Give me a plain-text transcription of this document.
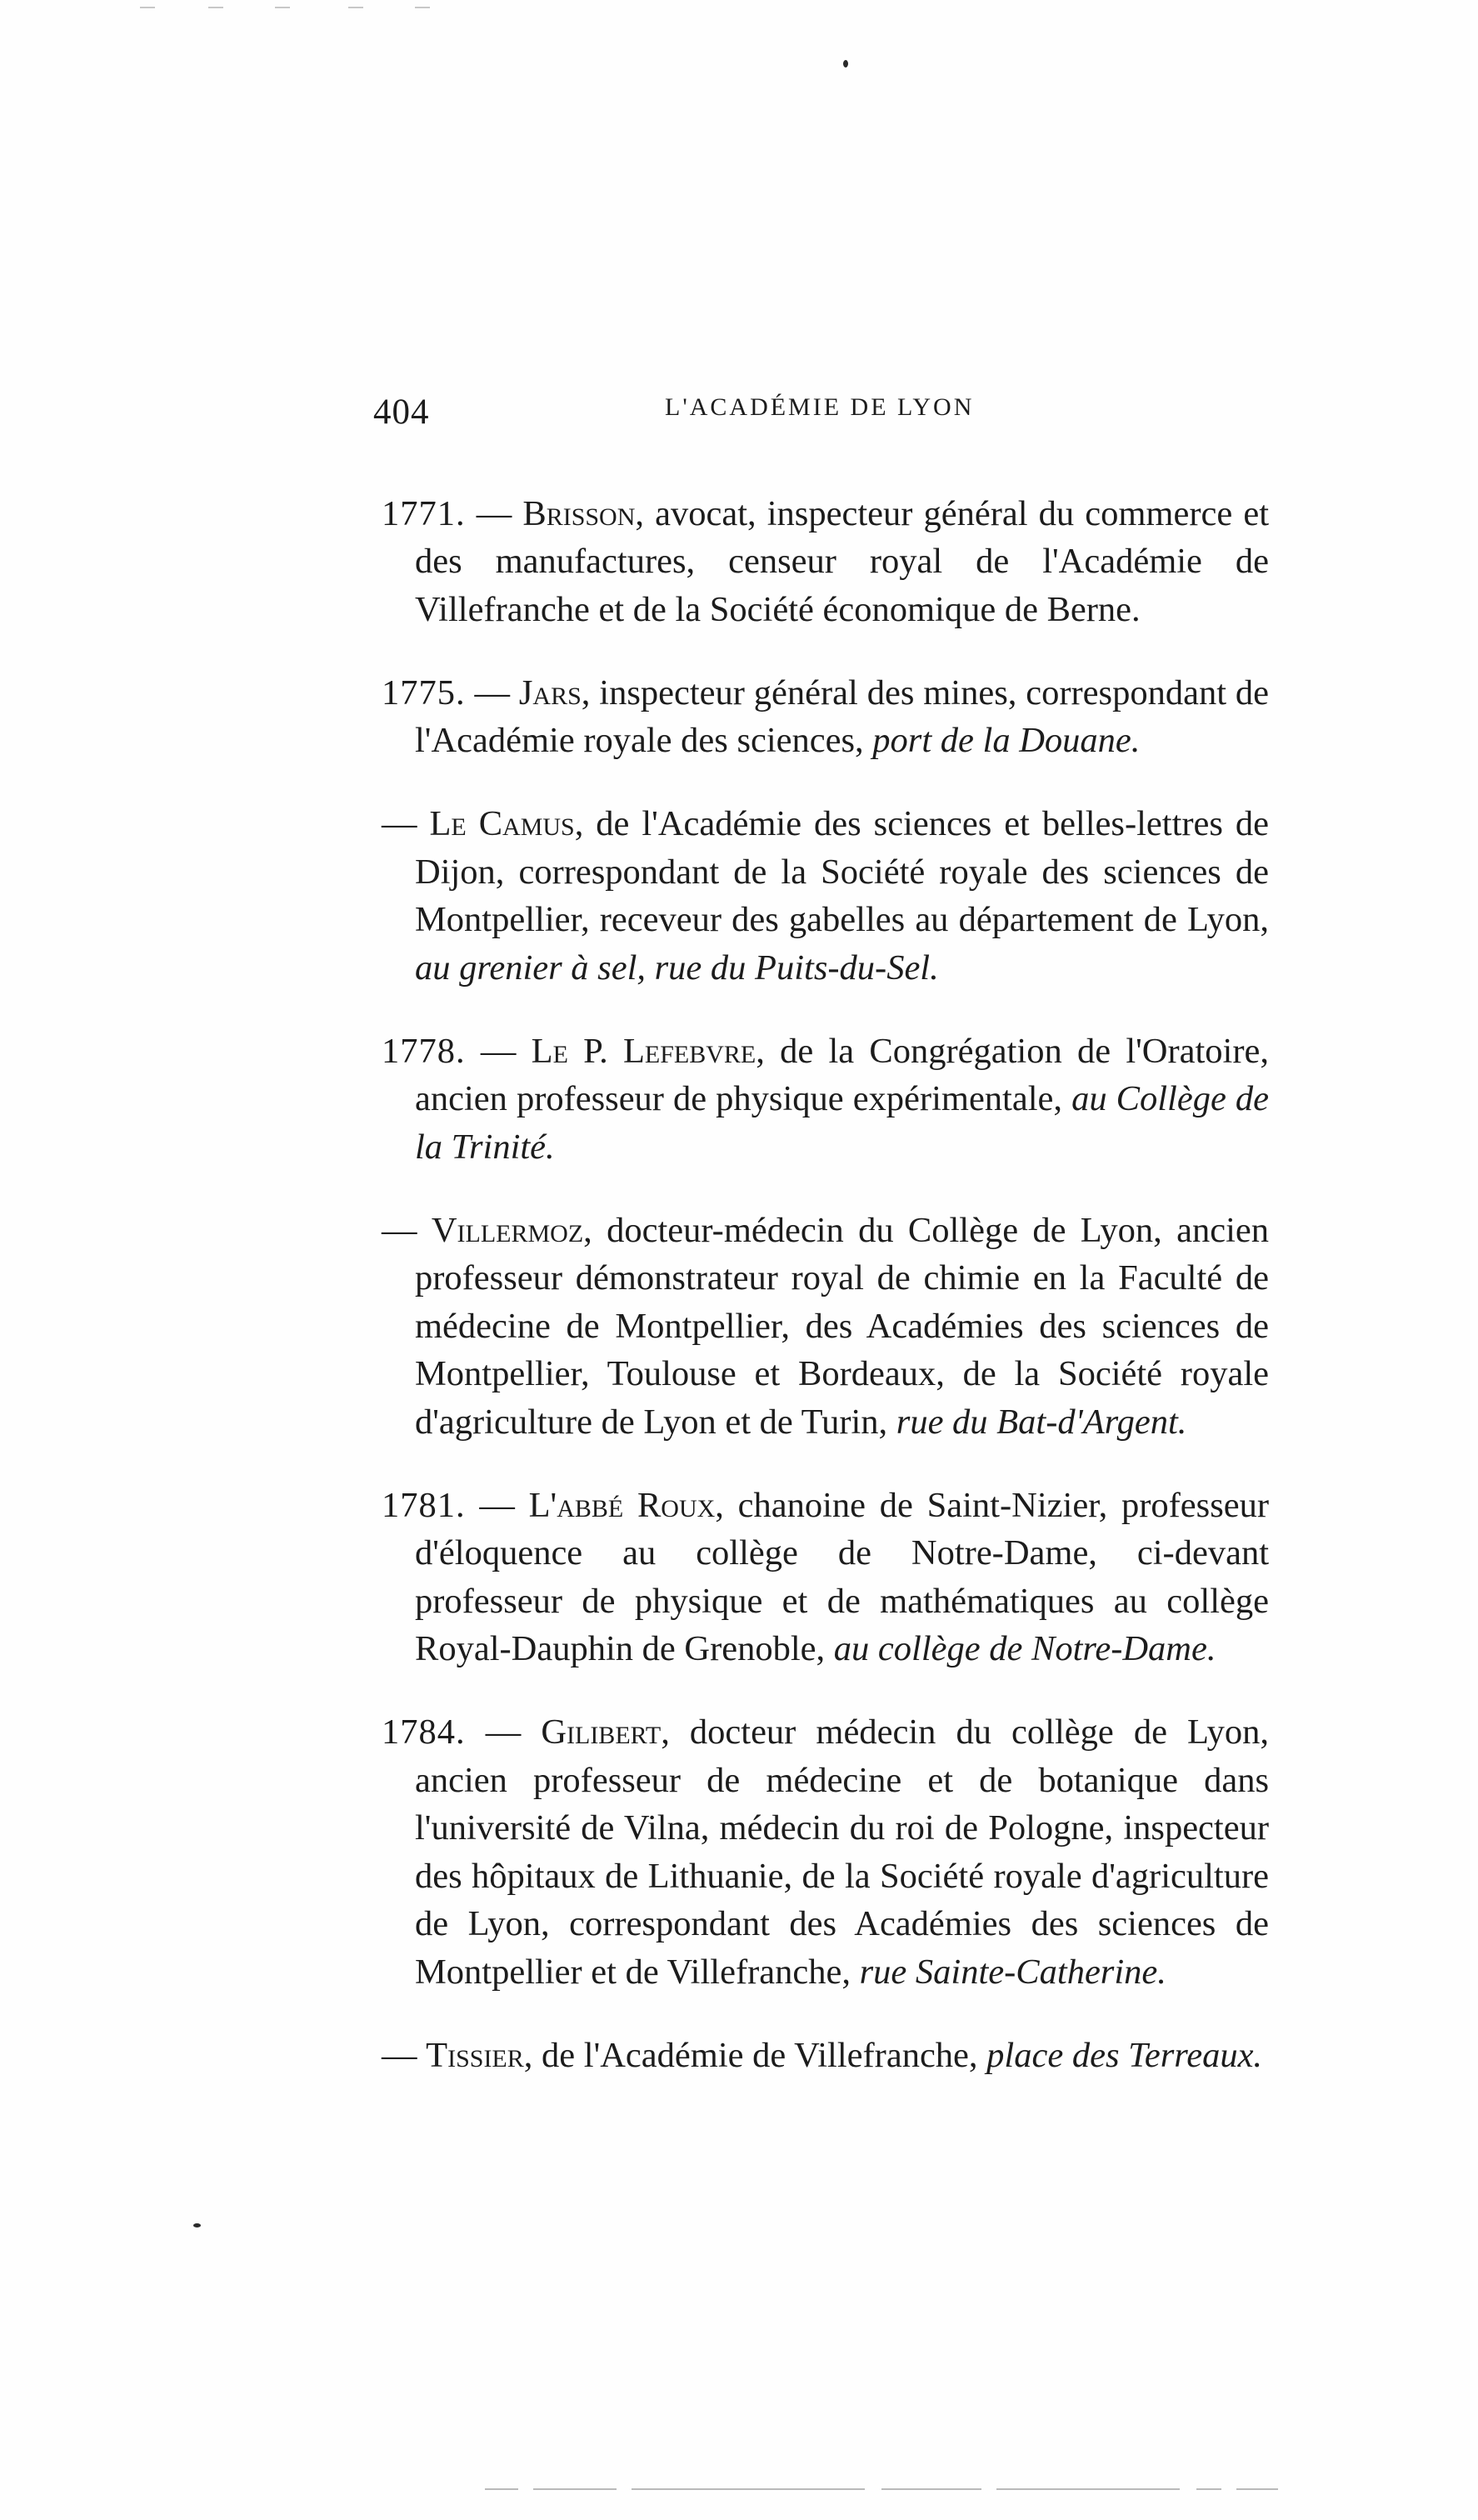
404	L'ACADÉMIE DE LYON

1771. — Brisson, avocat, inspecteur général du commerce et des manufactures, censeur royal de l'Académie de Villefranche et de la Société économique de Berne.

1775. — Jars, inspecteur général des mines, correspondant de l'Académie royale des sciences, port de la Douane.

— Le Camus, de l'Académie des sciences et belles-lettres de Dijon, correspondant de la Société royale des sciences de Montpellier, receveur des gabelles au département de Lyon, au grenier à sel, rue du Puits-du-Sel.

1778. — Le P. Lefebvre, de la Congrégation de l'Oratoire, ancien professeur de physique expérimentale, au Collège de la Trinité.

— Villermoz, docteur-médecin du Collège de Lyon, ancien professeur démonstrateur royal de chimie en la Faculté de médecine de Montpellier, des Académies des sciences de Montpellier, Toulouse et Bordeaux, de la Société royale d'agriculture de Lyon et de Turin, rue du Bat-d'Argent.

1781. — L'abbé Roux, chanoine de Saint-Nizier, professeur d'éloquence au collège de Notre-Dame, ci-devant professeur de physique et de mathématiques au collège Royal-Dauphin de Grenoble, au collège de Notre-Dame.

1784. — Gilibert, docteur médecin du collège de Lyon, ancien professeur de médecine et de botanique dans l'université de Vilna, médecin du roi de Pologne, inspecteur des hôpitaux de Lithuanie, de la Société royale d'agriculture de Lyon, correspondant des Académies des sciences de Montpellier et de Villefranche, rue Sainte-Catherine.

— Tissier, de l'Académie de Villefranche, place des Terreaux.
